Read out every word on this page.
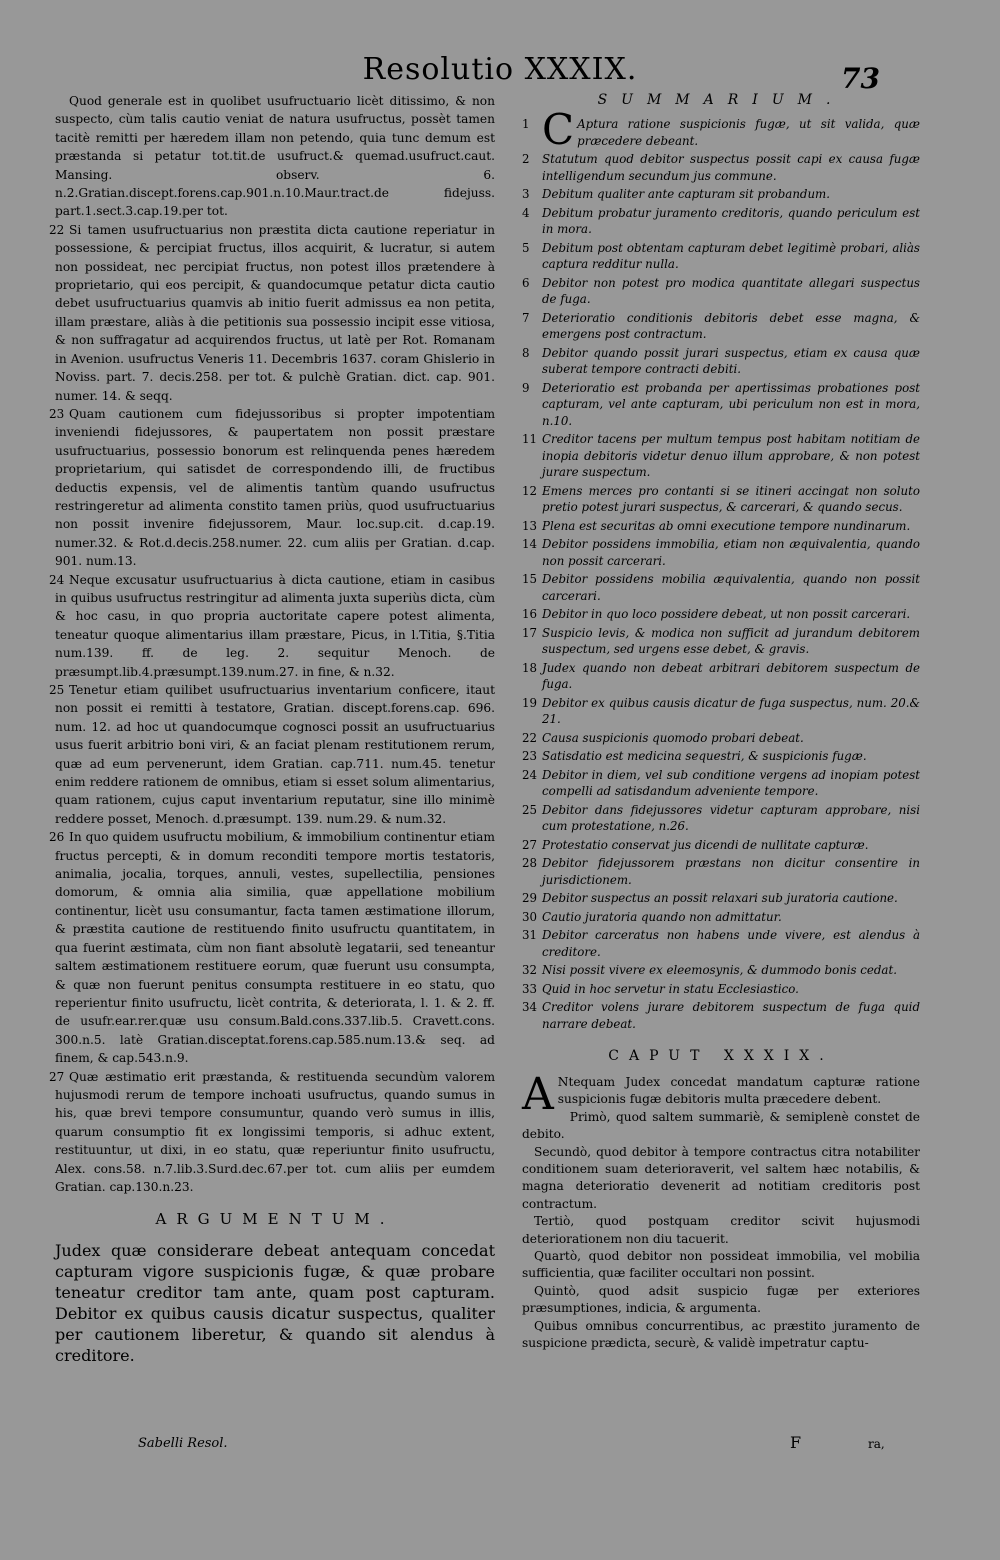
Resolutio XXXIX.	73

Quod generale est in quolibet usufructuario licèt ditissimo, & non suspecto, cùm talis cautio veniat de natura usufructus, possèt tamen tacitè remitti per hæredem illam non petendo, quia tunc demum est præstanda si petatur tot.tit.de usufruct.& quemad.usufruct.caut. Mansing. observ. 6. n.2.Gratian.discept.forens.cap.901.n.10.Maur.tract.de fidejuss. part.1.sect.3.cap.19.per tot.

22 Si tamen usufructuarius non præstita dicta cautione reperiatur in possessione, & percipiat fructus, illos acquirit, & lucratur, si autem non possideat, nec percipiat fructus, non potest illos prætendere à proprietario, qui eos percipit, & quandocumque petatur dicta cautio debet usufructuarius quamvis ab initio fuerit admissus ea non petita, illam præstare, aliàs à die petitionis sua possessio incipit esse vitiosa, & non suffragatur ad acquirendos fructus, ut latè per Rot. Romanam in Avenion. usufructus Veneris 11. Decembris 1637. coram Ghislerio in Noviss. part. 7. decis.258. per tot. & pulchè Gratian. dict. cap. 901. numer. 14. & seqq.

23 Quam cautionem cum fidejussoribus si propter impotentiam inveniendi fidejussores, & paupertatem non possit præstare usufructuarius, possessio bonorum est relinquenda penes hæredem proprietarium, qui satisdet de correspondendo illi, de fructibus deductis expensis, vel de alimentis tantùm quando usufructus restringeretur ad alimenta constito tamen priùs, quod usufructuarius non possit invenire fidejussorem, Maur. loc.sup.cit. d.cap.19. numer.32. & Rot.d.decis.258.numer. 22. cum aliis per Gratian. d.cap. 901. num.13.

24 Neque excusatur usufructuarius à dicta cautione, etiam in casibus in quibus usufructus restringitur ad alimenta juxta superiùs dicta, cùm & hoc casu, in quo propria auctoritate capere potest alimenta, teneatur quoque alimentarius illam præstare, Picus, in l.Titia, §.Titia num.139. ff. de leg. 2. sequitur Menoch. de præsumpt.lib.4.præsumpt.139.num.27. in fine, & n.32.

25 Tenetur etiam quilibet usufructuarius inventarium conficere, itaut non possit ei remitti à testatore, Gratian. discept.forens.cap. 696. num. 12. ad hoc ut quandocumque cognosci possit an usufructuarius usus fuerit arbitrio boni viri, & an faciat plenam restitutionem rerum, quæ ad eum pervenerunt, idem Gratian. cap.711. num.45. tenetur enim reddere rationem de omnibus, etiam si esset solum alimentarius, quam rationem, cujus caput inventarium reputatur, sine illo minimè reddere posset, Menoch. d.præsumpt. 139. num.29. & num.32.

26 In quo quidem usufructu mobilium, & immobilium continentur etiam fructus percepti, & in domum reconditi tempore mortis testatoris, animalia, jocalia, torques, annuli, vestes, supellectilia, pensiones domorum, & omnia alia similia, quæ appellatione mobilium continentur, licèt usu consumantur, facta tamen æstimatione illorum, & præstita cautione de restituendo finito usufructu quantitatem, in qua fuerint æstimata, cùm non fiant absolutè legatarii, sed teneantur saltem æstimationem restituere eorum, quæ fuerunt usu consumpta, & quæ non fuerunt penitus consumpta restituere in eo statu, quo reperientur finito usufructu, licèt contrita, & deteriorata, l. 1. & 2. ff. de usufr.ear.rer.quæ usu consum.Bald.cons.337.lib.5. Cravett.cons. 300.n.5. latè Gratian.disceptat.forens.cap.585.num.13.& seq. ad finem, & cap.543.n.9.

27 Quæ æstimatio erit præstanda, & restituenda secundùm valorem hujusmodi rerum de tempore inchoati usufructus, quando sumus in his, quæ brevi tempore consumuntur, quando verò sumus in illis, quarum consumptio fit ex longissimi temporis, si adhuc extent, restituuntur, ut dixi, in eo statu, quæ reperiuntur finito usufructu, Alex. cons.58. n.7.lib.3.Surd.dec.67.per tot. cum aliis per eumdem Gratian. cap.130.n.23.

ARGUMENTUM.

Judex quæ considerare debeat antequam concedat capturam vigore suspicionis fugæ, & quæ probare teneatur creditor tam ante, quam post capturam. Debitor ex quibus causis dicatur suspectus, qualiter per cautionem liberetur, & quando sit alendus à creditore.

SUMMARIUM.
1 C Aptura ratione suspicionis fugæ, ut sit valida, quæ præcedere debeant.
2	Statutum quod debitor suspectus possit capi ex causa fugæ intelligendum secundum jus commune.
3	Debitum qualiter ante capturam sit probandum.
4	Debitum probatur juramento creditoris, quando periculum est in mora.
5	Debitum post obtentam capturam debet legitimè probari, aliàs captura redditur nulla.
6	Debitor non potest pro modica quantitate allegari suspectus de fuga.
7	Deterioratio conditionis debitoris debet esse magna, & emergens post contractum.
8	Debitor quando possit jurari suspectus, etiam ex causa quæ suberat tempore contracti debiti.
9	Deterioratio est probanda per apertissimas probationes post capturam, vel ante capturam, ubi periculum non est in mora, n.10.
11 Creditor tacens per multum tempus post habitam notitiam de inopia debitoris videtur denuo illum approbare, & non potest jurare suspectum.
12 Emens merces pro contanti si se itineri accingat non soluto pretio potest jurari suspectus, & carcerari, & quando secus.
13 Plena est securitas ab omni executione tempore nundinarum.
14 Debitor possidens immobilia, etiam non æquivalentia, quando non possit carcerari.
15 Debitor possidens mobilia æquivalentia, quando non possit carcerari.
16 Debitor in quo loco possidere debeat, ut non possit carcerari.
17 Suspicio levis, & modica non sufficit ad jurandum debitorem suspectum, sed urgens esse debet, & gravis.
18 Judex quando non debeat arbitrari debitorem suspectum de fuga.
19 Debitor ex quibus causis dicatur de fuga suspectus, num. 20.& 21.
22 Causa suspicionis quomodo probari debeat.
23 Satisdatio est medicina sequestri, & suspicionis fugæ.
24 Debitor in diem, vel sub conditione vergens ad inopiam potest compelli ad satisdandum adveniente tempore.
25 Debitor dans fidejussores videtur capturam approbare, nisi cum protestatione, n.26.
27 Protestatio conservat jus dicendi de nullitate capturæ.
28 Debitor fidejussorem præstans non dicitur consentire in jurisdictionem.
29 Debitor suspectus an possit relaxari sub juratoria cautione.
30 Cautio juratoria quando non admittatur.
31 Debitor carceratus non habens unde vivere, est alendus à creditore.
32 Nisi possit vivere ex eleemosynis, & dummodo bonis cedat.
33 Quid in hoc servetur in statu Ecclesiastico.
34 Creditor volens jurare debitorem suspectum de fuga quid narrare debeat.
CAPUT XXXIX.

A Ntequam Judex concedat mandatum capturæ ratione suspicionis fugæ debitoris multa præcedere debent.

Primò, quod saltem summariè, & semiplenè constet de debito.

Secundò, quod debitor à tempore contractus citra notabiliter conditionem suam deterioraverit, vel saltem hæc notabilis, & magna deterioratio devenerit ad notitiam creditoris post contractum.

Tertiò, quod postquam creditor scivit hujusmodi deteriorationem non diu tacuerit.

Quartò, quod debitor non possideat immobilia, vel mobilia sufficientia, quæ faciliter occultari non possint.

Quintò, quod adsit suspicio fugæ per exteriores præsumptiones, indicia, & argumenta.

Quibus omnibus concurrentibus, ac præstito juramento de suspicione prædicta, securè, & validè impetratur captu-

Sabelli Resol.	F	ra,
